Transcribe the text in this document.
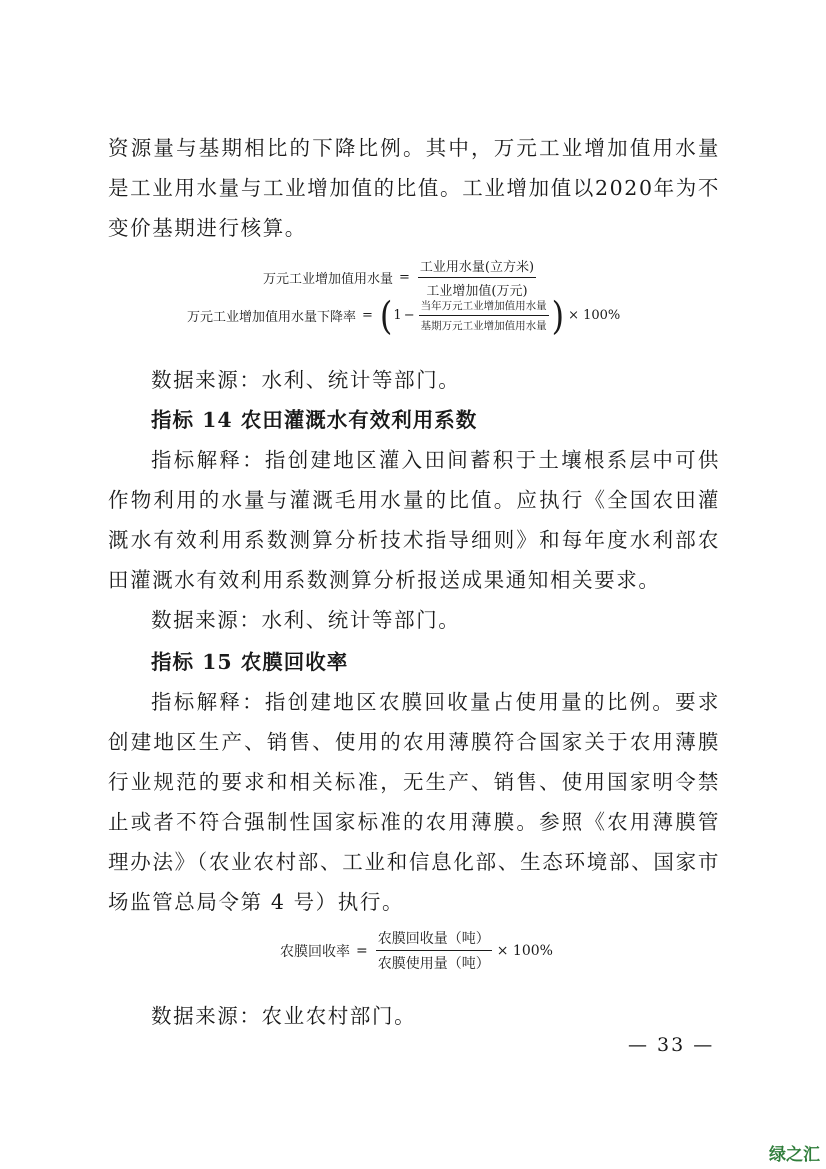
资源量与基期相比的下降比例。其中，万元工业增加值用水量是工业用水量与工业增加值的比值。工业增加值以2020年为不变价基期进行核算。

万元工业增加值用水量 = $\frac{\text{工业用水量(立方米)}}{\text{工业增加值(万元)}}$
万元工业增加值用水量下降率 = ( $1 - \frac{\text{当年万元工业增加值用水量}}{\text{基期万元工业增加值用水量}}$ ) × 100%

数据来源：水利、统计等部门。

指标 14 农田灌溉水有效利用系数

指标解释：指创建地区灌入田间蓄积于土壤根系层中可供作物利用的水量与灌溉毛用水量的比值。应执行《全国农田灌溉水有效利用系数测算分析技术指导细则》和每年度水利部农田灌溉水有效利用系数测算分析报送成果通知相关要求。

数据来源：水利、统计等部门。

指标 15 农膜回收率

指标解释：指创建地区农膜回收量占使用量的比例。要求创建地区生产、销售、使用的农用薄膜符合国家关于农用薄膜行业规范的要求和相关标准，无生产、销售、使用国家明令禁止或者不符合强制性国家标准的农用薄膜。参照《农用薄膜管理办法》（农业农村部、工业和信息化部、生态环境部、国家市场监管总局令第 4 号）执行。

农膜回收率 = $\frac{\text{农膜回收量（吨）}}{\text{农膜使用量（吨）}} \times 100\%$

数据来源：农业农村部门。

— 33 —
绿之汇
